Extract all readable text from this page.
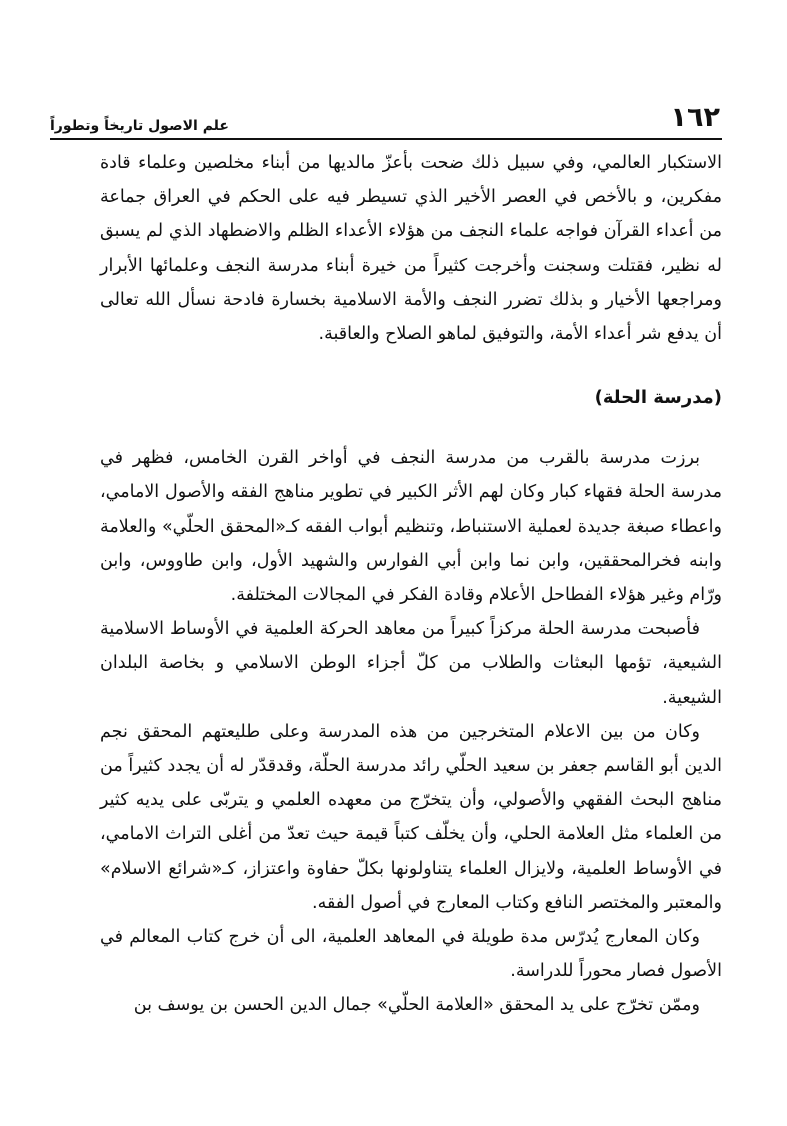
١٦٢
علم الاصول تاريخاً وتطوراً

الاستكبار العالمي، وفي سبيل ذلك ضحت بأعزّ مالديها من أبناء مخلصين وعلماء قادة مفكرين، و بالأخص في العصر الأخير الذي تسيطر فيه على الحكم في العراق جماعة من أعداء القرآن فواجه علماء النجف من هؤلاء الأعداء الظلم والاضطهاد الذي لم يسبق له نظير، فقتلت وسجنت وأخرجت كثيراً من خيرة أبناء مدرسة النجف وعلمائها الأبرار ومراجعها الأخيار و بذلك تضرر النجف والأمة الاسلامية بخسارة فادحة نسأل الله تعالى أن يدفع شر أعداء الأمة، والتوفيق لماهو الصلاح والعاقبة.

(مدرسة الحلة)

برزت مدرسة بالقرب من مدرسة النجف في أواخر القرن الخامس، فظهر في مدرسة الحلة فقهاء كبار وكان لهم الأثر الكبير في تطوير مناهج الفقه والأصول الامامي، واعطاء صبغة جديدة لعملية الاستنباط، وتنظيم أبواب الفقه كـ«المحقق الحلّي» والعلامة وابنه فخرالمحققين، وابن نما وابن أبي الفوارس والشهيد الأول، وابن طاووس، وابن ورّام وغير هؤلاء الفطاحل الأعلام وقادة الفكر في المجالات المختلفة.

فأصبحت مدرسة الحلة مركزاً كبيراً من معاهد الحركة العلمية في الأوساط الاسلامية الشيعية، تؤمها البعثات والطلاب من كلّ أجزاء الوطن الاسلامي و بخاصة البلدان الشيعية.

وكان من بين الاعلام المتخرجين من هذه المدرسة وعلى طليعتهم المحقق نجم الدين أبو القاسم جعفر بن سعيد الحلّي رائد مدرسة الحلّة، وقدقدّر له أن يجدد كثيراً من مناهج البحث الفقهي والأصولي، وأن يتخرّج من معهده العلمي و يتربّى على يديه كثير من العلماء مثل العلامة الحلي، وأن يخلّف كتباً قيمة حيث تعدّ من أغلى التراث الامامي، في الأوساط العلمية، ولايزال العلماء يتناولونها بكلّ حفاوة واعتزاز، كـ«شرائع الاسلام» والمعتبر والمختصر النافع وكتاب المعارج في أصول الفقه.

وكان المعارج يُدرّس مدة طويلة في المعاهد العلمية، الى أن خرج كتاب المعالم في الأصول فصار محوراً للدراسة.

وممّن تخرّج على يد المحقق «العلامة الحلّي» جمال الدين الحسن بن يوسف بن
